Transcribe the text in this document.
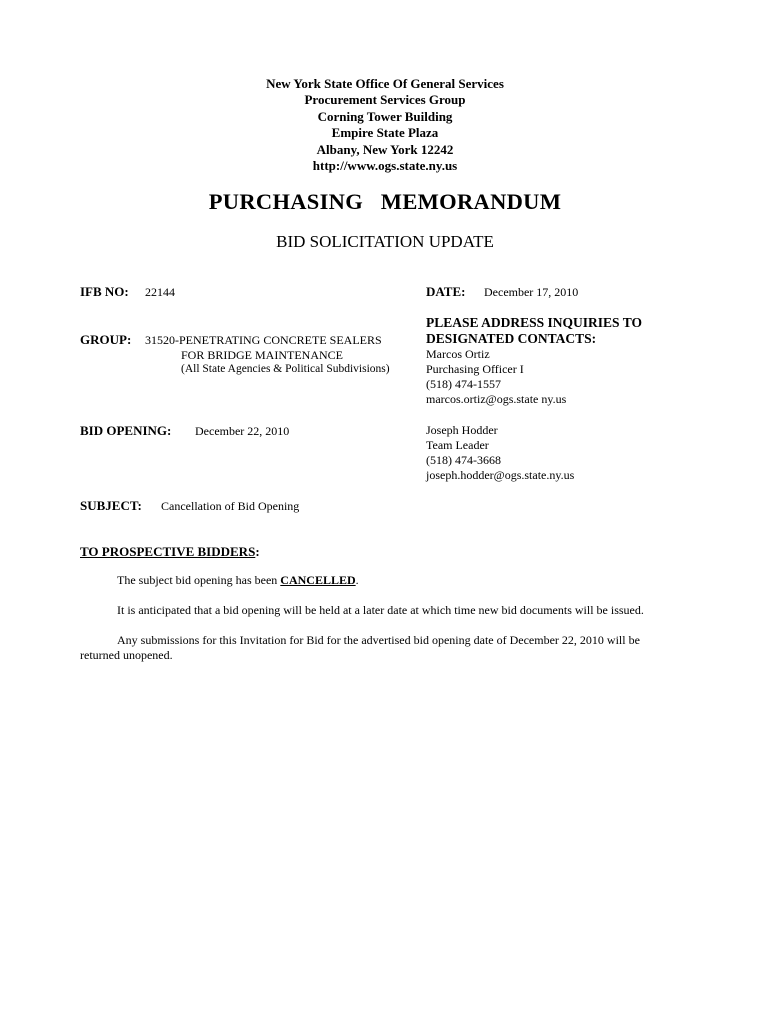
New York State Office Of General Services
Procurement Services Group
Corning Tower Building
Empire State Plaza
Albany, New York 12242
http://www.ogs.state.ny.us
PURCHASING   MEMORANDUM
BID SOLICITATION UPDATE
IFB NO: 22144	DATE: December 17, 2010
GROUP: 31520-PENETRATING CONCRETE SEALERS
FOR BRIDGE MAINTENANCE
(All State Agencies & Political Subdivisions)
PLEASE ADDRESS INQUIRIES TO
DESIGNATED CONTACTS:
Marcos Ortiz
Purchasing Officer I
(518) 474-1557
marcos.ortiz@ogs.state ny.us
Joseph Hodder
Team Leader
(518) 474-3668
joseph.hodder@ogs.state.ny.us
BID OPENING: December 22, 2010
SUBJECT: Cancellation of Bid Opening
TO PROSPECTIVE BIDDERS:
The subject bid opening has been CANCELLED.
It is anticipated that a bid opening will be held at a later date at which time new bid documents will be issued.
Any submissions for this Invitation for Bid for the advertised bid opening date of December 22, 2010 will be
returned unopened.
